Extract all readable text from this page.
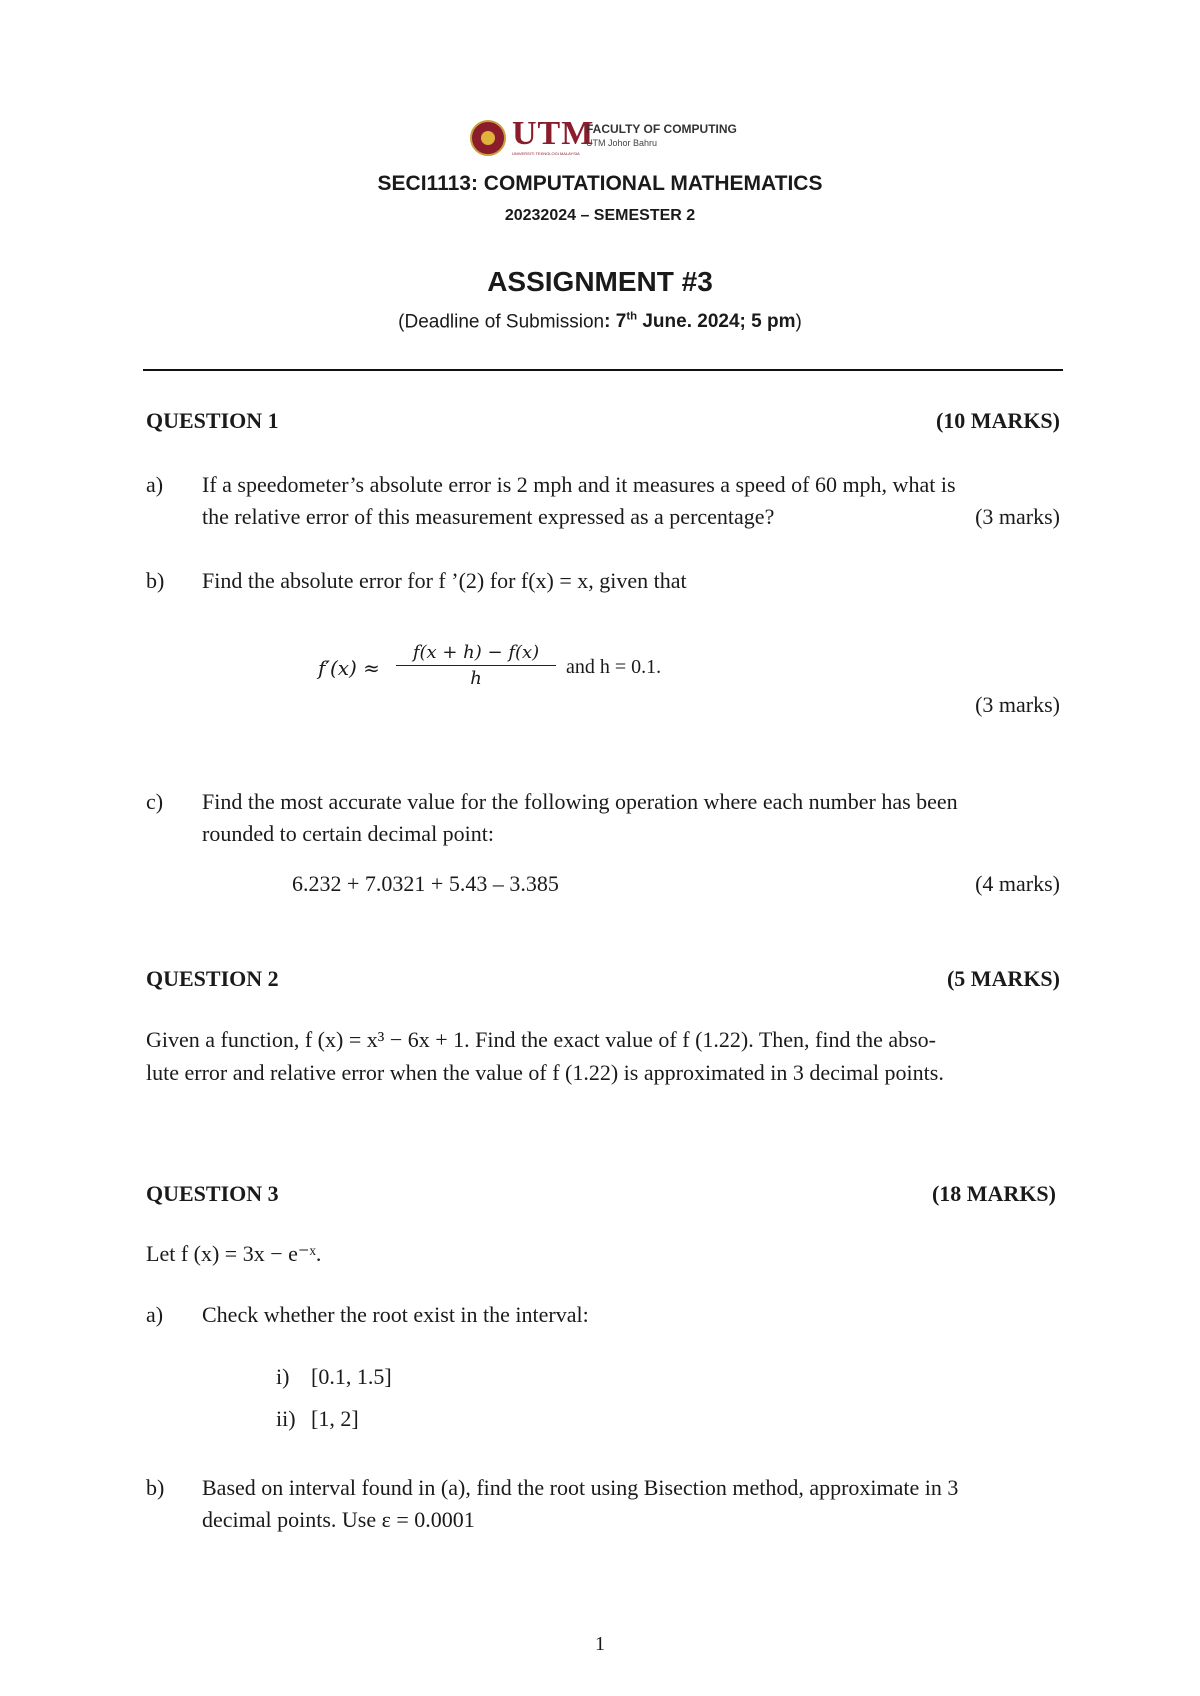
UTM
UNIVERSITI TEKNOLOGI MALAYSIA
FACULTY OF COMPUTING
UTM Johor Bahru
SECI1113: COMPUTATIONAL MATHEMATICS
20232024 – SEMESTER 2
ASSIGNMENT #3
(Deadline of Submission: 7th June. 2024; 5 pm)
QUESTION 1	(10 MARKS)
a) If a speedometer’s absolute error is 2 mph and it measures a speed of 60 mph, what is
the relative error of this measurement expressed as a percentage?	(3 marks)
b) Find the absolute error for f ’(2) for f(x) = x, given that
f′(x) ≈
f(x + h) − f(x)
h
and h = 0.1.
(3 marks)
c) Find the most accurate value for the following operation where each number has been
rounded to certain decimal point:
6.232 + 7.0321 + 5.43 – 3.385	(4 marks)
QUESTION 2	(5 MARKS)
Given a function, f (x) = x³ − 6x + 1. Find the exact value of f (1.22). Then, find the abso-
lute error and relative error when the value of f (1.22) is approximated in 3 decimal points.
QUESTION 3	(18 MARKS)
Let f (x) = 3x − e⁻ˣ.
a) Check whether the root exist in the interval:
i) [0.1, 1.5]
ii) [1, 2]
b) Based on interval found in (a), find the root using Bisection method, approximate in 3
decimal points. Use ε = 0.0001
1
